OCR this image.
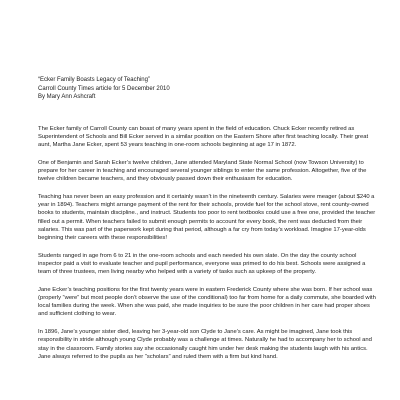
“Ecker Family Boasts Legacy of Teaching”

Carroll County Times article for 5 December 2010

By Mary Ann Ashcraft

The Ecker family of Carroll County can boast of many years spent in the field of education. Chuck Ecker recently retired as Superintendent of Schools and Bill Ecker served in a similar position on the Eastern Shore after first teaching locally. Their great aunt, Martha Jane Ecker, spent 53 years teaching in one-room schools beginning at age 17 in 1872.

One of Benjamin and Sarah Ecker’s twelve children, Jane attended Maryland State Normal School (now Towson University) to prepare for her career in teaching and encouraged several younger siblings to enter the same profession. Altogether, five of the twelve children became teachers, and they obviously passed down their enthusiasm for education.

Teaching has never been an easy profession and it certainly wasn’t in the nineteenth century. Salaries were meager (about $240 a year in 1894). Teachers might arrange payment of the rent for their schools, provide fuel for the school stove, rent county-owned books to students, maintain discipline., and instruct. Students too poor to rent textbooks could use a free one, provided the teacher filled out a permit. When teachers failed to submit enough permits to account for every book, the rent was deducted from their salaries. This was part of the paperwork kept during that period, although a far cry from today’s workload. Imagine 17-year-olds beginning their careers with these responsibilities!

Students ranged in age from 6 to 21 in the one-room schools and each needed his own slate. On the day the county school inspector paid a visit to evaluate teacher and pupil performance, everyone was primed to do his best. Schools were assigned a team of three trustees, men living nearby who helped with a variety of tasks such as upkeep of the property.

Jane Ecker’s teaching positions for the first twenty years were in eastern Frederick County where she was born. If her school was (properly “were” but most people don’t observe the use of the conditional) too far from home for a daily commute, she boarded with local families during the week. When she was paid, she made inquiries to be sure the poor children in her care had proper shoes and sufficient clothing to wear.

In 1896, Jane’s younger sister died, leaving her 3-year-old son Clyde to Jane’s care. As might be imagined, Jane took this responsibility in stride although young Clyde probably was a challenge at times. Naturally he had to accompany her to school and stay in the classroom. Family stories say she occasionally caught him under her desk making the students laugh with his antics. Jane always referred to the pupils as her “scholars” and ruled them with a firm but kind hand.
